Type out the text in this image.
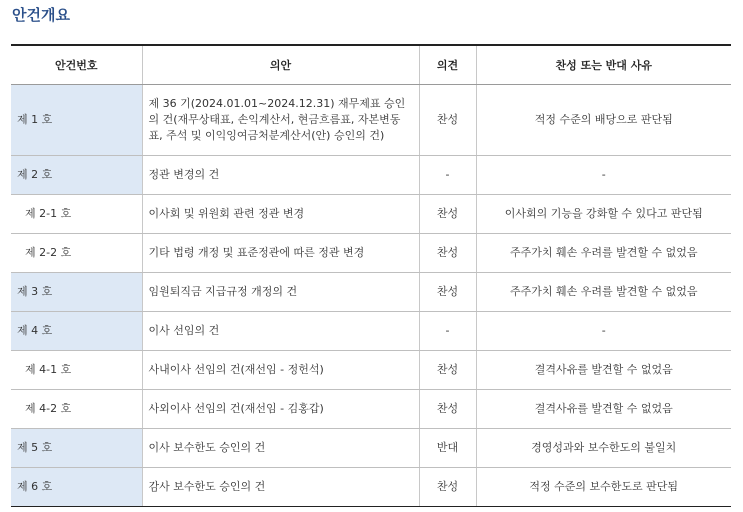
안건개요
안건번호	의안	의견	찬성 또는 반대 사유
제 1 호	제 36 기(2024.01.01~2024.12.31) 재무제표 승인의 건(재무상태표, 손익계산서, 현금흐름표, 자본변동표, 주석 및 이익잉여금처분계산서(안) 승인의 건)	찬성	적정 수준의 배당으로 판단됨
제 2 호	정관 변경의 건	-	-
제 2-1 호	이사회 및 위원회 관련 정관 변경	찬성	이사회의 기능을 강화할 수 있다고 판단됨
제 2-2 호	기타 법령 개정 및 표준정관에 따른 정관 변경	찬성	주주가치 훼손 우려를 발견할 수 없었음
제 3 호	임원퇴직금 지급규정 개정의 건	찬성	주주가치 훼손 우려를 발견할 수 없었음
제 4 호	이사 선임의 건	-	-
제 4-1 호	사내이사 선임의 건(재선임 - 정헌석)	찬성	결격사유를 발견할 수 없었음
제 4-2 호	사외이사 선임의 건(재선임 - 김홍갑)	찬성	결격사유를 발견할 수 없었음
제 5 호	이사 보수한도 승인의 건	반대	경영성과와 보수한도의 불일치
제 6 호	감사 보수한도 승인의 건	찬성	적정 수준의 보수한도로 판단됨
